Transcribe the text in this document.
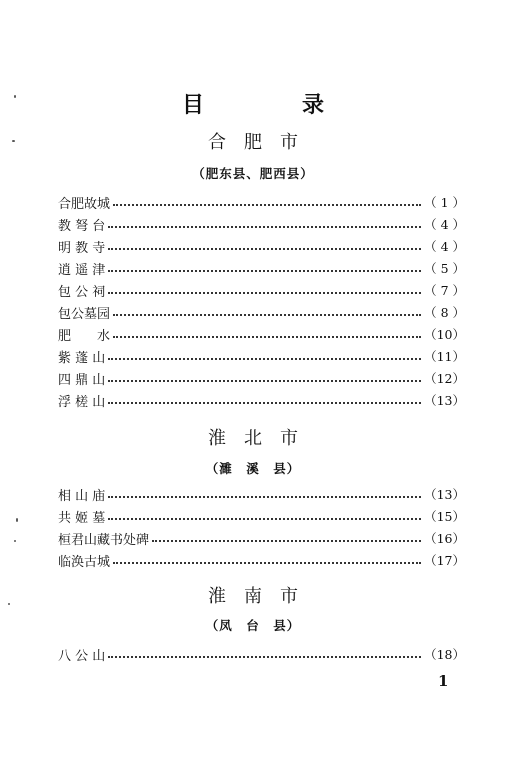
目　录
合肥市
（肥东县、肥西县）
合肥故城	（ 1 ）
教 弩 台	（ 4 ）
明 教 寺	（ 4 ）
逍 遥 津	（ 5 ）
包 公 祠	（ 7 ）
包公墓园	（ 8 ）
肥　　水	（10）
紫 蓬 山	（11）
四 鼎 山	（12）
浮 槎 山	（13）
淮北市
（濉　溪　县）
相 山 庙	（13）
共 姬 墓	（15）
桓君山藏书处碑	（16）
临涣古城	（17）
淮南市
（凤　台　县）
八 公 山	（18）
1
